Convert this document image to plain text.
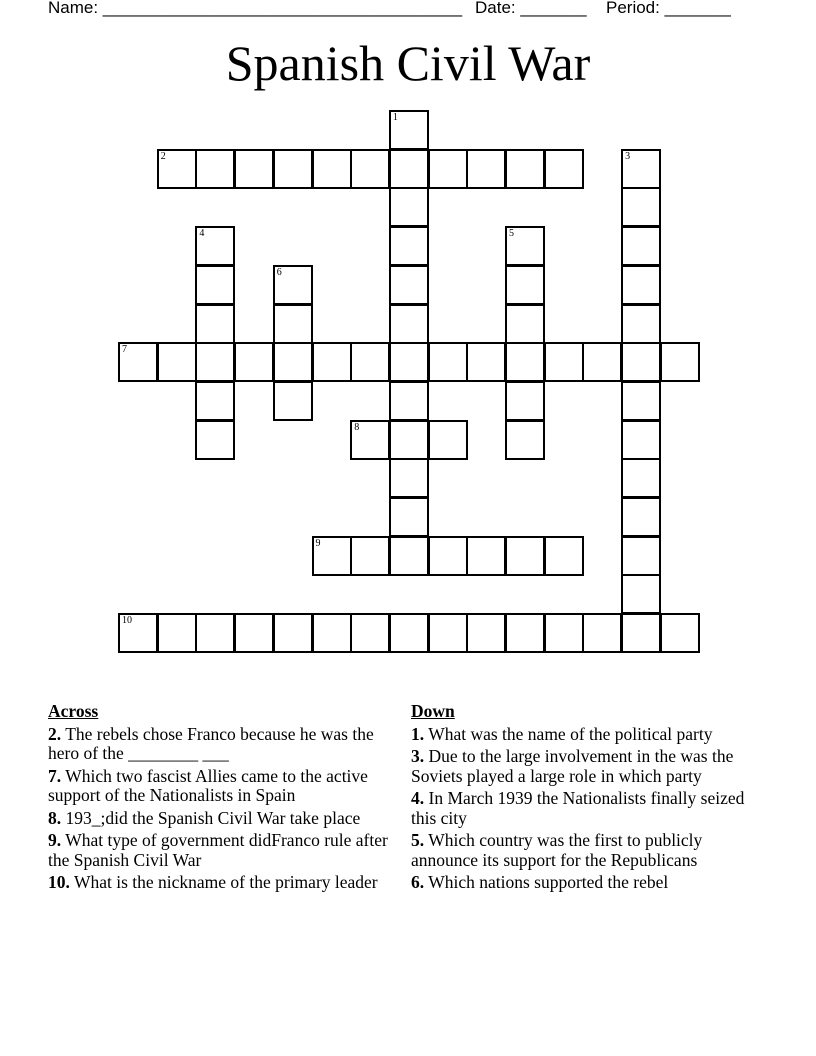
Name: ______________________________________ Date: _______ Period: _______
Spanish Civil War
1
2	3
4	5
6
7
8
9
10
Across
2. The rebels chose Franco because he was the hero of the ________ ___
7. Which two fascist Allies came to the active support of the Nationalists in Spain
8. 193_;did the Spanish Civil War take place
9. What type of government didFranco rule after the Spanish Civil War
10. What is the nickname of the primary leader
Down
1. What was the name of the political party
3. Due to the large involvement in the was the Soviets played a large role in which party
4. In March 1939 the Nationalists finally seized this city
5. Which country was the first to publicly announce its support for the Republicans
6. Which nations supported the rebel
